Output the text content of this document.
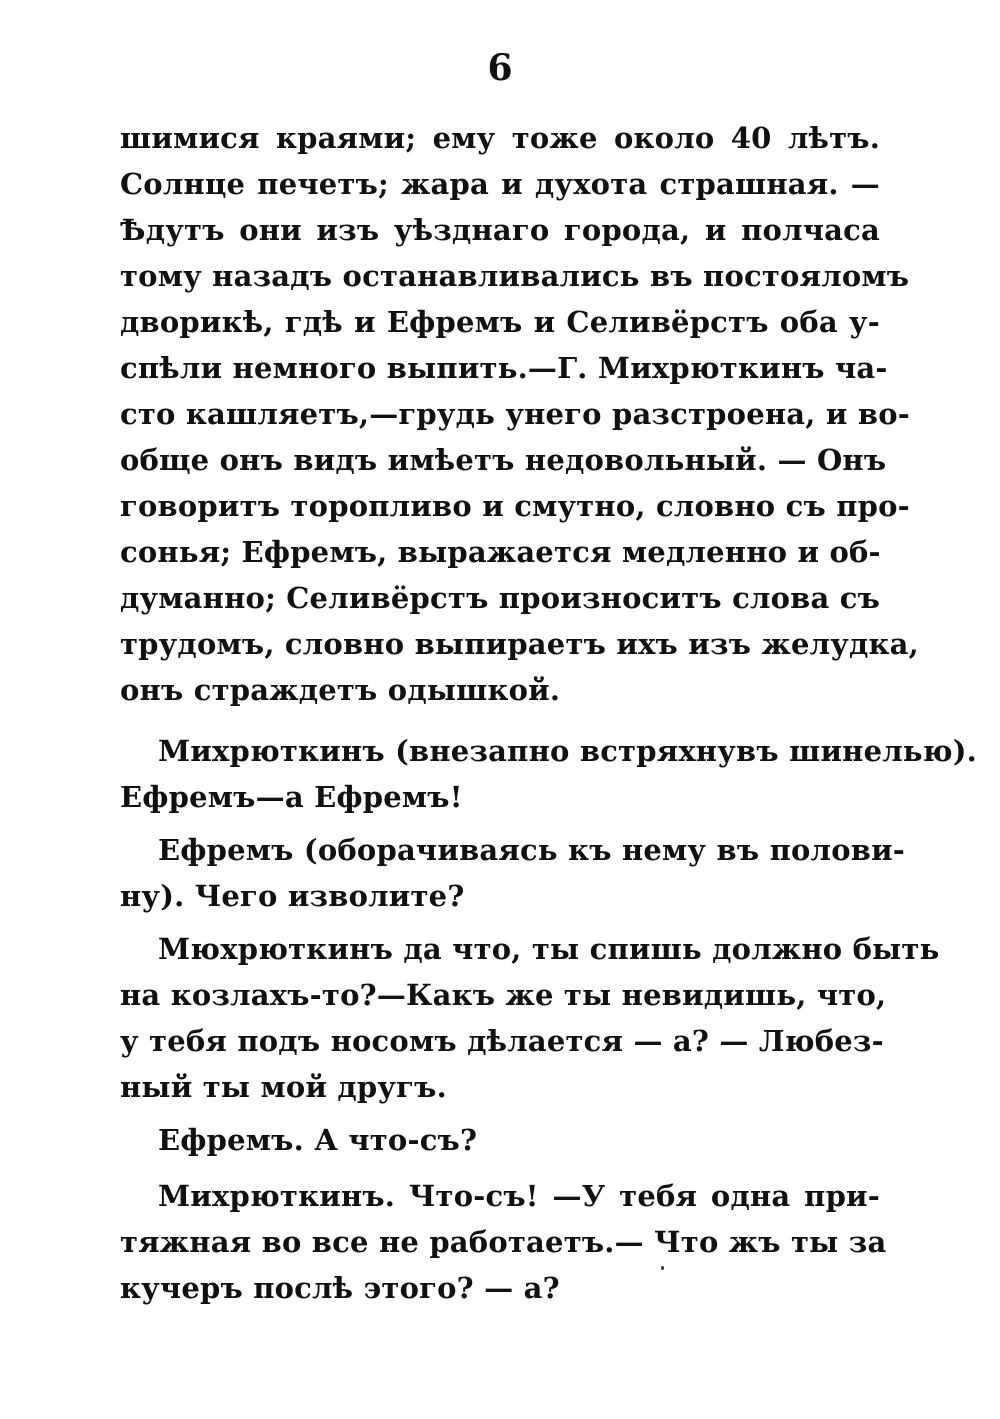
6
шимися краями; ему тоже около 40 лѣтъ.
Солнце печетъ; жара и духота страшная. —
Ѣдутъ они изъ уѣзднаго города, и полчаса
тому назадъ останавливались въ постояломъ
дворикѣ, гдѣ и Ефремъ и Селивёрстъ оба у-
спѣли немного выпить.—Г. Михрюткинъ ча-
сто кашляетъ,—грудь унего разстроена, и во-
обще онъ видъ имѣетъ недовольный. — Онъ
говоритъ торопливо и смутно, словно съ про-
сонья; Ефремъ, выражается медленно и об-
думанно; Селивёрстъ произноситъ слова съ
трудомъ, словно выпираетъ ихъ изъ желудка,
онъ страждетъ одышкой.
Михрюткинъ (внезапно встряхнувъ шинелью).
Ефремъ—а Ефремъ!
Ефремъ (оборачиваясь къ нему въ полови-
ну). Чего изволите?
Мюхрюткинъ да что, ты спишь должно быть
на козлахъ-то?—Какъ же ты невидишь, что,
у тебя подъ носомъ дѣлается — а? — Любез-
ный ты мой другъ.
Ефремъ. А что-съ?
Михрюткинъ. Что-съ! —У тебя одна при-
тяжная во все не работаетъ.— Что жъ ты за
кучеръ послѣ этого? — а?
